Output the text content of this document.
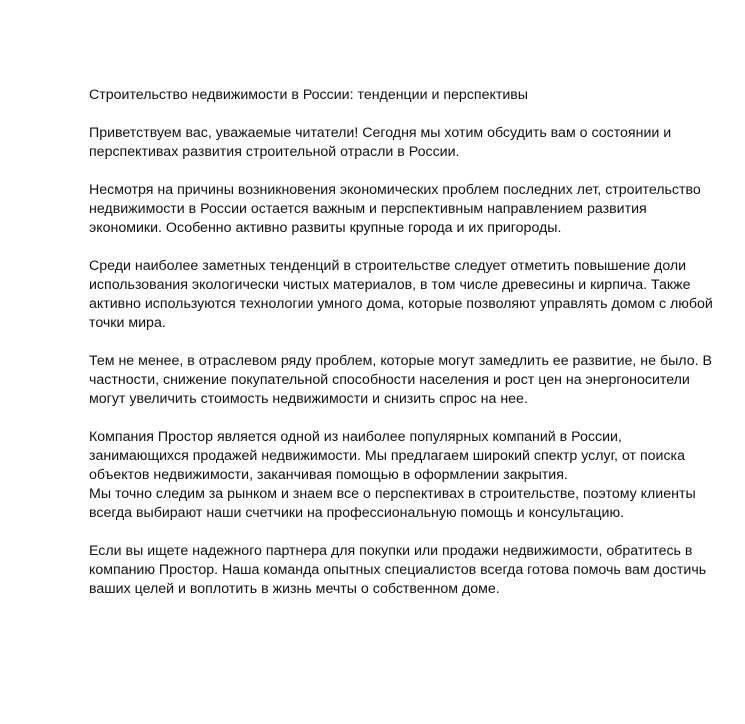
Строительство недвижимости в России: тенденции и перспективы

Приветствуем вас, уважаемые читатели! Сегодня мы хотим обсудить вам о состоянии и перспективах развития строительной отрасли в России.

Несмотря на причины возникновения экономических проблем последних лет, строительство недвижимости в России остается важным и перспективным направлением развития экономики. Особенно активно развиты крупные города и их пригороды.

Среди наиболее заметных тенденций в строительстве следует отметить повышение доли использования экологически чистых материалов, в том числе древесины и кирпича. Также активно используются технологии умного дома, которые позволяют управлять домом с любой точки мира.

Тем не менее, в отраслевом ряду проблем, которые могут замедлить ее развитие, не было. В частности, снижение покупательной способности населения и рост цен на энергоносители могут увеличить стоимость недвижимости и снизить спрос на нее.

Компания Простор является одной из наиболее популярных компаний в России, занимающихся продажей недвижимости. Мы предлагаем широкий спектр услуг, от поиска объектов недвижимости, заканчивая помощью в оформлении закрытия.
Мы точно следим за рынком и знаем все о перспективах в строительстве, поэтому клиенты всегда выбирают наши счетчики на профессиональную помощь и консультацию.

Если вы ищете надежного партнера для покупки или продажи недвижимости, обратитесь в компанию Простор. Наша команда опытных специалистов всегда готова помочь вам достичь ваших целей и воплотить в жизнь мечты о собственном доме.
